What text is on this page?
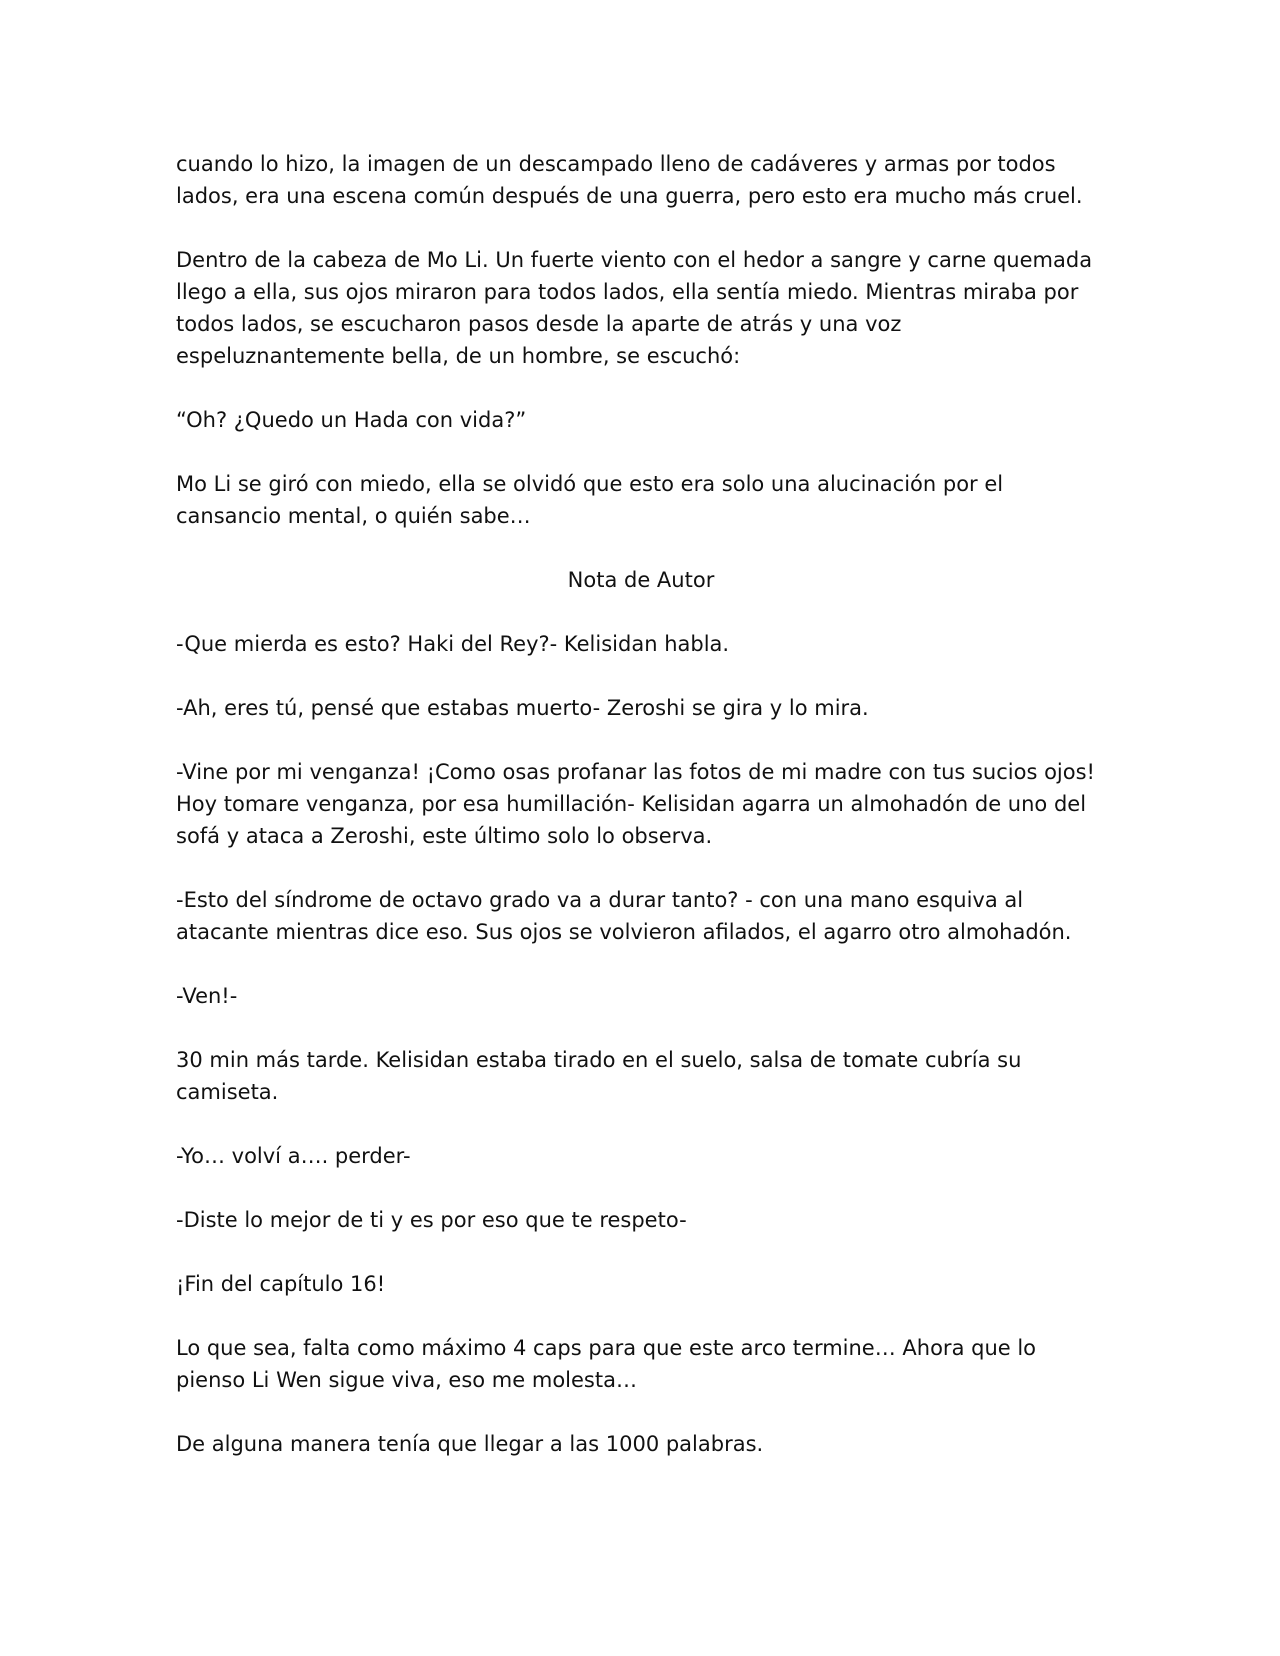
cuando lo hizo, la imagen de un descampado lleno de cadáveres y armas por todos lados, era una escena común después de una guerra, pero esto era mucho más cruel.

Dentro de la cabeza de Mo Li. Un fuerte viento con el hedor a sangre y carne quemada llego a ella, sus ojos miraron para todos lados, ella sentía miedo. Mientras miraba por todos lados, se escucharon pasos desde la aparte de atrás y una voz espeluznantemente bella, de un hombre, se escuchó:

“Oh? ¿Quedo un Hada con vida?”

Mo Li se giró con miedo, ella se olvidó que esto era solo una alucinación por el cansancio mental, o quién sabe…

Nota de Autor

-Que mierda es esto? Haki del Rey?- Kelisidan habla.

-Ah, eres tú, pensé que estabas muerto- Zeroshi se gira y lo mira.

-Vine por mi venganza! ¡Como osas profanar las fotos de mi madre con tus sucios ojos! Hoy tomare venganza, por esa humillación- Kelisidan agarra un almohadón de uno del sofá y ataca a Zeroshi, este último solo lo observa.

-Esto del síndrome de octavo grado va a durar tanto? - con una mano esquiva al atacante mientras dice eso. Sus ojos se volvieron afilados, el agarro otro almohadón.

-Ven!-

30 min más tarde. Kelisidan estaba tirado en el suelo, salsa de tomate cubría su camiseta.

-Yo… volví a…. perder-

-Diste lo mejor de ti y es por eso que te respeto-

¡Fin del capítulo 16!

Lo que sea, falta como máximo 4 caps para que este arco termine… Ahora que lo pienso Li Wen sigue viva, eso me molesta…

De alguna manera tenía que llegar a las 1000 palabras.
